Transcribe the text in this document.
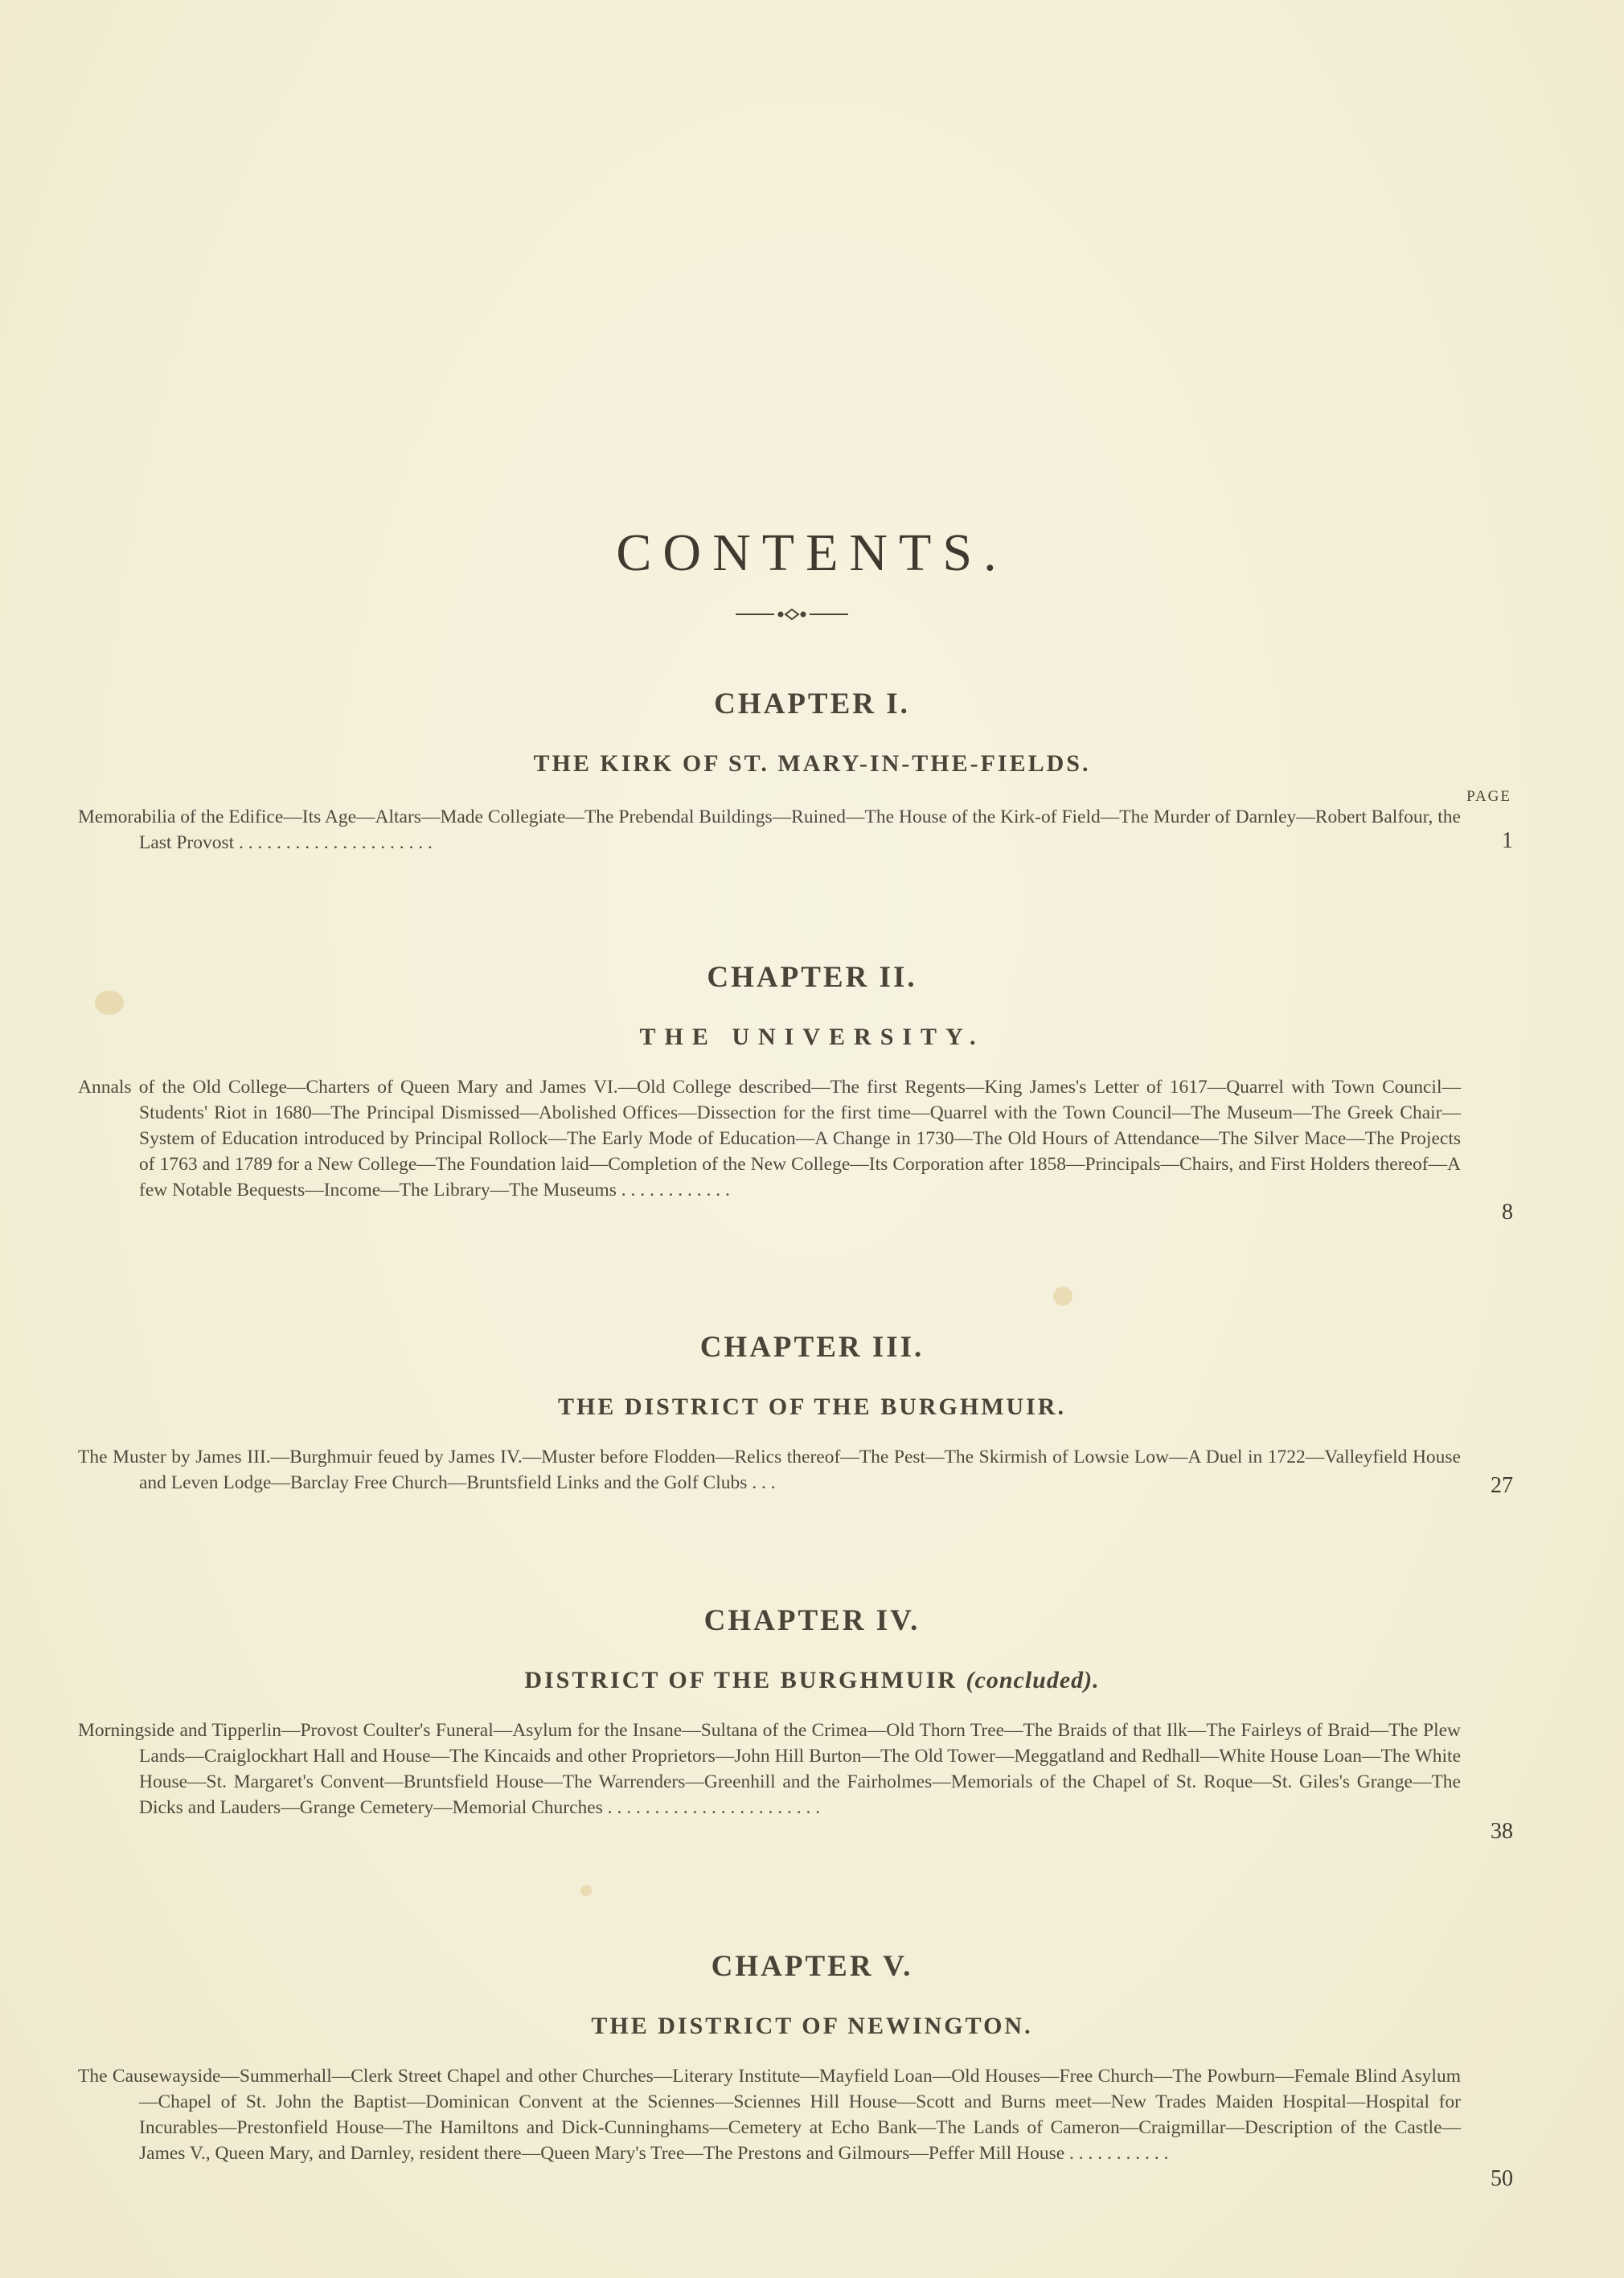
CONTENTS.
CHAPTER I.
THE KIRK OF ST. MARY-IN-THE-FIELDS.
PAGE
Memorabilia of the Edifice—Its Age—Altars—Made Collegiate—The Prebendal Buildings—Ruined—The House of the Kirk-of Field—The Murder of Darnley—Robert Balfour, the Last Provost . . . . . . . . . . . . . . . . . . . . .	1
CHAPTER II.
THE UNIVERSITY.
Annals of the Old College—Charters of Queen Mary and James VI.—Old College described—The first Regents—King James's Letter of 1617—Quarrel with Town Council—Students' Riot in 1680—The Principal Dismissed—Abolished Offices—Dissection for the first time—Quarrel with the Town Council—The Museum—The Greek Chair—System of Education introduced by Principal Rollock—The Early Mode of Education—A Change in 1730—The Old Hours of Attendance—The Silver Mace—The Projects of 1763 and 1789 for a New College—The Foundation laid—Completion of the New College—Its Corporation after 1858—Principals—Chairs, and First Holders thereof—A few Notable Bequests—Income—The Library—The Museums . . . . . . . . . . . .
8
CHAPTER III.
THE DISTRICT OF THE BURGHMUIR.
The Muster by James III.—Burghmuir feued by James IV.—Muster before Flodden—Relics thereof—The Pest—The Skirmish of Lowsie Low—A Duel in 1722—Valleyfield House and Leven Lodge—Barclay Free Church—Bruntsfield Links and the Golf Clubs . . .	27
CHAPTER IV.
DISTRICT OF THE BURGHMUIR (concluded).
Morningside and Tipperlin—Provost Coulter's Funeral—Asylum for the Insane—Sultana of the Crimea—Old Thorn Tree—The Braids of that Ilk—The Fairleys of Braid—The Plew Lands—Craiglockhart Hall and House—The Kincaids and other Proprietors—John Hill Burton—The Old Tower—Meggatland and Redhall—White House Loan—The White House—St. Margaret's Convent—Bruntsfield House—The Warrenders—Greenhill and the Fairholmes—Memorials of the Chapel of St. Roque—St. Giles's Grange—The Dicks and Lauders—Grange Cemetery—Memorial Churches . . . . . . . . . . . . . . . . . . . . . . .
38
CHAPTER V.
THE DISTRICT OF NEWINGTON.
The Causewayside—Summerhall—Clerk Street Chapel and other Churches—Literary Institute—Mayfield Loan—Old Houses—Free Church—The Powburn—Female Blind Asylum—Chapel of St. John the Baptist—Dominican Convent at the Sciennes—Sciennes Hill House—Scott and Burns meet—New Trades Maiden Hospital—Hospital for Incurables—Prestonfield House—The Hamiltons and Dick-Cunninghams—Cemetery at Echo Bank—The Lands of Cameron—Craigmillar—Description of the Castle—James V., Queen Mary, and Darnley, resident there—Queen Mary's Tree—The Prestons and Gilmours—Peffer Mill House . . . . . . . . . . .
50
